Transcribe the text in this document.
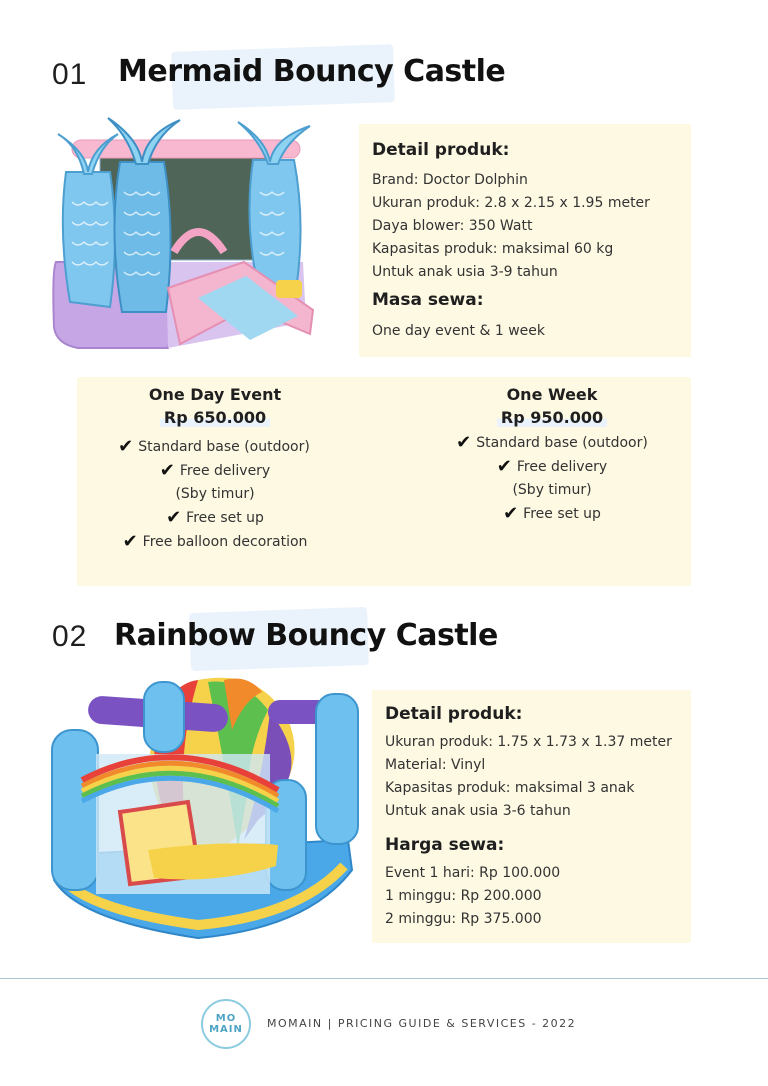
01 Mermaid Bouncy Castle
Detail produk:
Brand: Doctor Dolphin
Ukuran produk: 2.8 x 2.15 x 1.95 meter
Daya blower: 350 Watt
Kapasitas produk: maksimal 60 kg
Untuk anak usia 3-9 tahun
Masa sewa:
One day event & 1 week
One Day Event
Rp 650.000
✔ Standard base (outdoor)
✔ Free delivery
(Sby timur)
✔ Free set up
✔ Free balloon decoration
One Week
Rp 950.000
✔ Standard base (outdoor)
✔ Free delivery
(Sby timur)
✔ Free set up
02 Rainbow Bouncy Castle
Detail produk:
Ukuran produk: 1.75 x 1.73 x 1.37 meter
Material: Vinyl
Kapasitas produk: maksimal 3 anak
Untuk anak usia 3-6 tahun
Harga sewa:
Event 1 hari: Rp 100.000
1 minggu: Rp 200.000
2 minggu: Rp 375.000
MO
MAIN MOMAIN | PRICING GUIDE & SERVICES - 2022
